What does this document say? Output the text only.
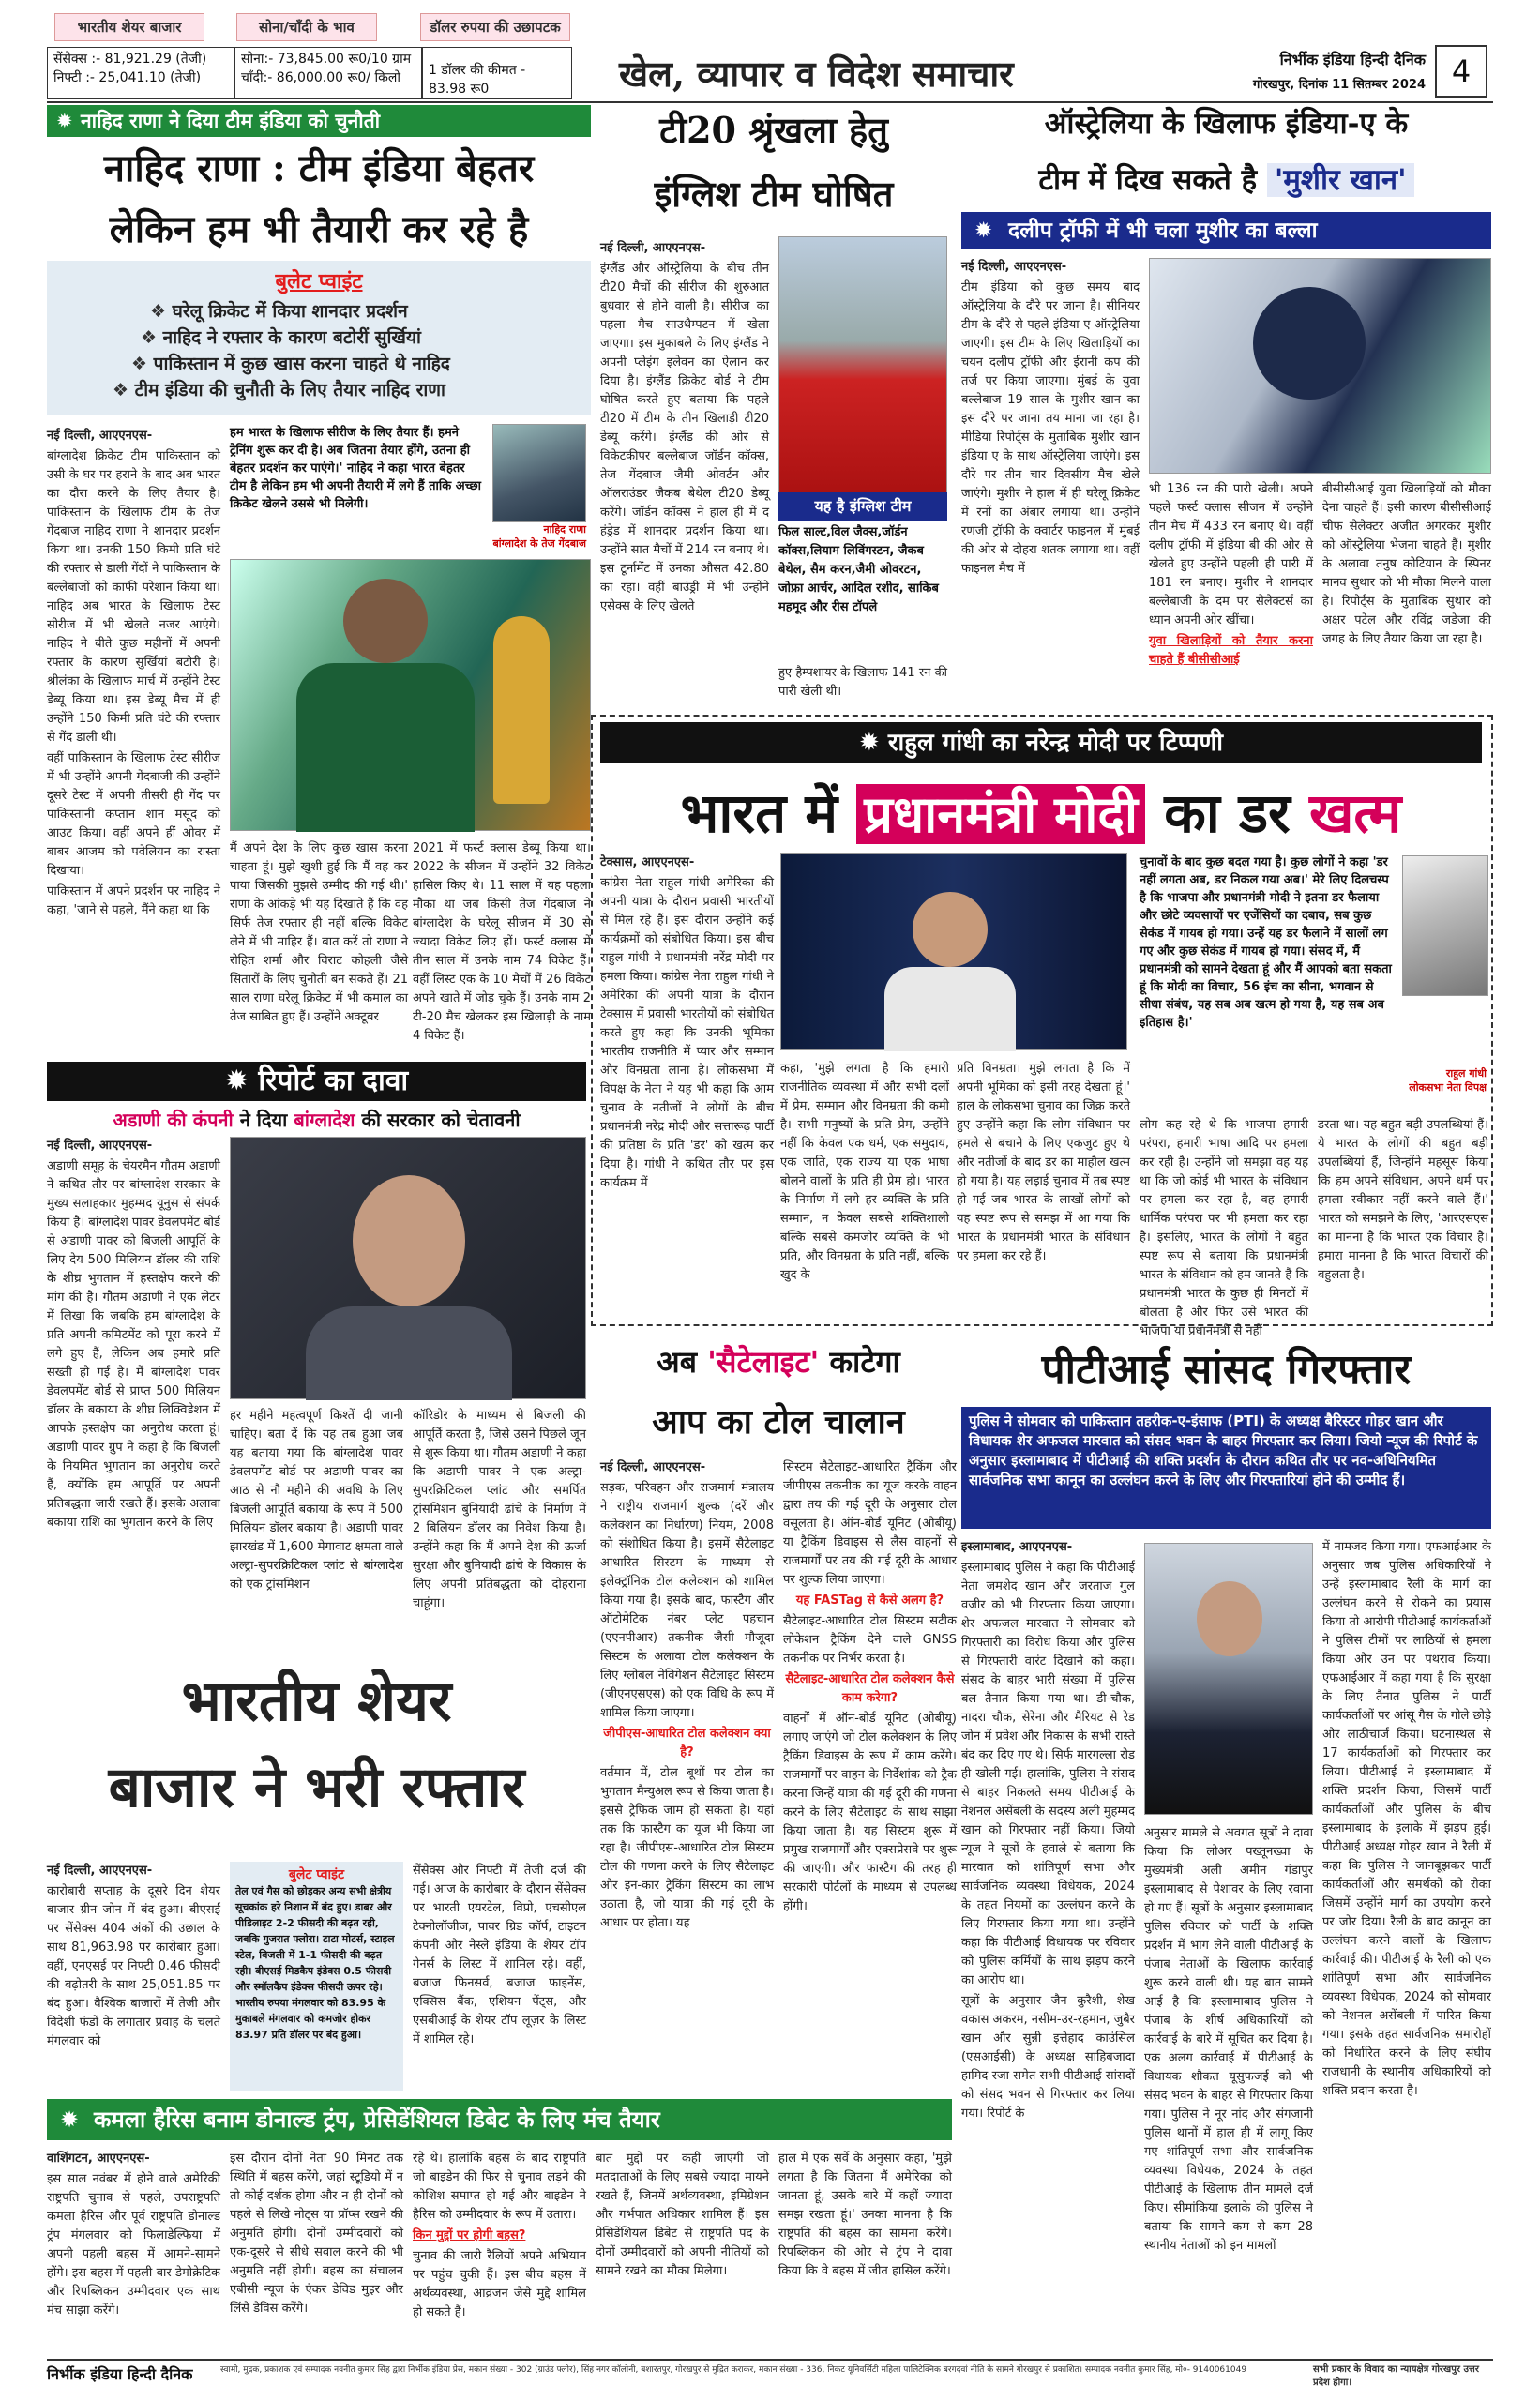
भारतीय शेयर बाजार	सोना/चाँदी के भाव	डॉलर रुपया की उछापटक
सेंसेक्स :- 81,921.29 (तेजी)
निफ्टी :- 25,041.10 (तेजी)
सोना:- 73,845.00 रू0/10 ग्राम
चाँदी:- 86,000.00 रू0/ किलो	1 डॉलर की कीमत - 83.98 रू0	खेल, व्यापार व विदेश समाचार	निर्भीक इंडिया हिन्दी दैनिक
गोरखपुर, दिनांक 11 सितम्बर 2024 4
✹ नाहिद राणा ने दिया टीम इंडिया को चुनौती
नाहिद राणा : टीम इंडिया बेहतर
लेकिन हम भी तैयारी कर रहे है
बुलेट प्वाइंट
❖ घरेलू क्रिकेट में किया शानदार प्रदर्शन
❖ नाहिद ने रफ्तार के कारण बटोरीं सुर्खियां
❖ पाकिस्तान में कुछ खास करना चाहते थे नाहिद
❖ टीम इंडिया की चुनौती के लिए तैयार नाहिद राणा

नई दिल्ली, आएएनएस-

बांग्लादेश क्रिकेट टीम पाकिस्तान को उसी के घर पर हराने के बाद अब भारत का दौरा करने के लिए तैयार है। पाकिस्तान के खिलाफ टीम के तेज गेंदबाज नाहिद राणा ने शानदार प्रदर्शन किया था। उनकी 150 किमी प्रति घंटे की रफ्तार से डाली गेंदों ने पाकिस्तान के बल्लेबाजों को काफी परेशान किया था। नाहिद अब भारत के खिलाफ टेस्ट सीरीज में भी खेलते नजर आएंगे। नाहिद ने बीते कुछ महीनों में अपनी रफ्तार के कारण सुर्खियां बटोरी है। श्रीलंका के खिलाफ मार्च में उन्होंने टेस्ट डेब्यू किया था। इस डेब्यू मैच में ही उन्होंने 150 किमी प्रति घंटे की रफ्तार से गेंद डाली थी।

वहीं पाकिस्तान के खिलाफ टेस्ट सीरीज में भी उन्होंने अपनी गेंदबाजी की उन्होंने दूसरे टेस्ट में अपनी तीसरी ही गेंद पर पाकिस्तानी कप्तान शान मसूद को आउट किया। वहीं अपने हीं ओवर में बाबर आजम को पवेलियन का रास्ता दिखाया।

पाकिस्तान में अपने प्रदर्शन पर नाहिद ने कहा, 'जाने से पहले, मैंने कहा था कि

हम भारत के खिलाफ सीरीज के लिए तैयार हैं। हमने ट्रेनिंग शुरू कर दी है। अब जितना तैयार होंगे, उतना ही बेहतर प्रदर्शन कर पाएंगे।' नाहिद ने कहा भारत बेहतर टीम है लेकिन हम भी अपनी तैयारी में लगे हैं ताकि अच्छा क्रिकेट खेलने उससे भी मिलेगी।
नाहिद राणा
बांग्लादेश के तेज गेंदबाज
मैं अपने देश के लिए कुछ खास करना चाहता हूं। मुझे खुशी हुई कि मैं वह कर पाया जिसकी मुझसे उम्मीद की गई थी।' राणा के आंकड़े भी यह दिखाते हैं कि वह सिर्फ तेज रफ्तार ही नहीं बल्कि विकेट लेने में भी माहिर हैं। बात करें तो राणा ने रोहित शर्मा और विराट कोहली जैसे सितारों के लिए चुनौती बन सकते हैं। 21 साल राणा घरेलू क्रिकेट में भी कमाल का तेज साबित हुए हैं। उन्होंने अक्टूबर
2021 में फर्स्ट क्लास डेब्यू किया था। 2022 के सीजन में उन्होंने 32 विकेट हासिल किए थे। 11 साल में यह पहला मौका था जब किसी तेज गेंदबाज ने बांग्लादेश के घरेलू सीजन में 30 से ज्यादा विकेट लिए हों। फर्स्ट क्लास में तीन साल में उनके नाम 74 विकेट हैं। वहीं लिस्ट एक के 10 मैचों में 26 विकेट अपने खाते में जोड़ चुके हैं। उनके नाम 2 टी-20 मैच खेलकर इस खिलाड़ी के नाम 4 विकेट हैं।
टी20 श्रृंखला हेतु
इंग्लिश टीम घोषित

नई दिल्ली, आएएनएस-

इंग्लैंड और ऑस्ट्रेलिया के बीच तीन टी20 मैचों की सीरीज की शुरुआत बुधवार से होने वाली है। सीरीज का पहला मैच साउथैम्पटन में खेला जाएगा। इस मुकाबले के लिए इंग्लैंड ने अपनी प्लेइंग इलेवन का ऐलान कर दिया है। इंग्लैंड क्रिकेट बोर्ड ने टीम घोषित करते हुए बताया कि पहले टी20 में टीम के तीन खिलाड़ी टी20 डेब्यू करेंगे। इंग्लैंड की ओर से विकेटकीपर बल्लेबाज जॉर्डन कॉक्स, तेज गेंदबाज जैमी ओवर्टन और ऑलराउंडर जैकब बेथेल टी20 डेब्यू करेंगे। जॉर्डन कॉक्स ने हाल ही में द हंड्रेड में शानदार प्रदर्शन किया था। उन्होंने सात मैचों में 214 रन बनाए थे। इस टूर्नामेंट में उनका औसत 42.80 का रहा। वहीं बाउंड्री में भी उन्होंने एसेक्स के लिए खेलते

यह है इंग्लिश टीम
फिल साल्ट,विल जैक्स,जॉर्डन कॉक्स,लियाम लिविंगस्टन, जैकब बेथेल, सैम करन,जैमी ओवरटन, जोफ्रा आर्चर, आदिल रशीद, साकिब महमूद और रीस टॉपले
हुए हैम्पशायर के खिलाफ 141 रन की पारी खेली थी।
ऑस्ट्रेलिया के खिलाफ इंडिया-ए के
टीम में दिख सकते है 'मुशीर खान'
✹ दलीप ट्रॉफी में भी चला मुशीर का बल्ला

नई दिल्ली, आएएनएस-

टीम इंडिया को कुछ समय बाद ऑस्ट्रेलिया के दौरे पर जाना है। सीनियर टीम के दौरे से पहले इंडिया ए ऑस्ट्रेलिया जाएगी। इस टीम के लिए खिलाड़ियों का चयन दलीप ट्रॉफी और ईरानी कप की तर्ज पर किया जाएगा। मुंबई के युवा बल्लेबाज 19 साल के मुशीर खान का इस दौरे पर जाना तय माना जा रहा है। मीडिया रिपोर्ट्स के मुताबिक मुशीर खान इंडिया ए के साथ ऑस्ट्रेलिया जाएंगे। इस दौरे पर तीन चार दिवसीय मैच खेले जाएंगे। मुशीर ने हाल में ही घरेलू क्रिकेट में रनों का अंबार लगाया था। उन्होंने रणजी ट्रॉफी के क्वार्टर फाइनल में मुंबई की ओर से दोहरा शतक लगाया था। वहीं फाइनल मैच में

भी 136 रन की पारी खेली। अपने पहले फर्स्ट क्लास सीजन में उन्होंने तीन मैच में 433 रन बनाए थे। वहीं दलीप ट्रॉफी में इंडिया बी की ओर से खेलते हुए उन्होंने पहली ही पारी में 181 रन बनाए। मुशीर ने शानदार बल्लेबाजी के दम पर सेलेक्टर्स का ध्यान अपनी ओर खींचा।

युवा खिलाड़ियों को तैयार करना चाहते हैं बीसीसीआई

बीसीसीआई युवा खिलाड़ियों को मौका देना चाहते हैं। इसी कारण बीसीसीआई चीफ सेलेक्टर अजीत अगरकर मुशीर को ऑस्ट्रेलिया भेजना चाहते हैं। मुशीर के अलावा तनुष कोटियान के स्पिनर मानव सुथार को भी मौका मिलने वाला है। रिपोर्ट्स के मुताबिक सुथार को अक्षर पटेल और रविंद्र जडेजा की जगह के लिए तैयार किया जा रहा है।
✹ राहुल गांधी का नरेन्द्र मोदी पर टिप्पणी
भारत में प्रधानमंत्री मोदी का डर खत्म

टेक्सास, आएएनएस-

कांग्रेस नेता राहुल गांधी अमेरिका की अपनी यात्रा के दौरान प्रवासी भारतीयों से मिल रहे हैं। इस दौरान उन्होंने कई कार्यक्रमों को संबोधित किया। इस बीच राहुल गांधी ने प्रधानमंत्री नरेंद्र मोदी पर हमला किया। कांग्रेस नेता राहुल गांधी ने अमेरिका की अपनी यात्रा के दौरान टेक्सास में प्रवासी भारतीयों को संबोधित करते हुए कहा कि उनकी भूमिका भारतीय राजनीति में प्यार और सम्मान और विनम्रता लाना है। लोकसभा में विपक्ष के नेता ने यह भी कहा कि आम चुनाव के नतीजों ने लोगों के बीच प्रधानमंत्री नरेंद्र मोदी और सत्तारूढ़ पार्टी की प्रतिष्ठा के प्रति 'डर' को खत्म कर दिया है। गांधी ने कथित तौर पर इस कार्यक्रम में

कहा, 'मुझे लगता है कि हमारी राजनीतिक व्यवस्था में और सभी दलों में प्रेम, सम्मान और विनम्रता की कमी है। सभी मनुष्यों के प्रति प्रेम, उन्होंने नहीं कि केवल एक धर्म, एक समुदाय, एक जाति, एक राज्य या एक भाषा बोलने वालों के प्रति ही प्रेम हो। भारत के निर्माण में लगे हर व्यक्ति के प्रति सम्मान, न केवल सबसे शक्तिशाली बल्कि सबसे कमजोर व्यक्ति के भी प्रति, और विनम्रता के प्रति नहीं, बल्कि खुद के
प्रति विनम्रता। मुझे लगता है कि में अपनी भूमिका को इसी तरह देखता हूं।' हाल के लोकसभा चुनाव का जिक्र करते हुए उन्होंने कहा कि लोग संविधान पर हमले से बचाने के लिए एकजुट हुए थे और नतीजों के बाद डर का माहौल खत्म हो गया है। यह लड़ाई चुनाव में तब स्पष्ट हो गई जब भारत के लाखों लोगों को यह स्पष्ट रूप से समझ में आ गया कि भारत के प्रधानमंत्री भारत के संविधान पर हमला कर रहे हैं।
चुनावों के बाद कुछ बदल गया है। कुछ लोगों ने कहा 'डर नहीं लगता अब, डर निकल गया अब।' मेरे लिए दिलचस्प है कि भाजपा और प्रधानमंत्री मोदी ने इतना डर फैलाया और छोटे व्यवसायों पर एजेंसियों का दबाव, सब कुछ सेकंड में गायब हो गया। उन्हें यह डर फैलाने में सालों लग गए और कुछ सेकंड में गायब हो गया। संसद में, मैं प्रधानमंत्री को सामने देखता हूं और मैं आपको बता सकता हूं कि मोदी का विचार, 56 इंच का सीना, भगवान से सीधा संबंध, यह सब अब खत्म हो गया है, यह सब अब इतिहास है।'
राहुल गांधी
लोकसभा नेता विपक्ष
लोग कह रहे थे कि भाजपा हमारी परंपरा, हमारी भाषा आदि पर हमला कर रही है। उन्होंने जो समझा वह यह था कि जो कोई भी भारत के संविधान पर हमला कर रहा है, वह हमारी धार्मिक परंपरा पर भी हमला कर रहा है। इसलिए, भारत के लोगों ने बहुत स्पष्ट रूप से बताया कि प्रधानमंत्री भारत के संविधान को हम जानते हैं कि प्रधानमंत्री भारत के कुछ ही मिनटों में बोलता है और फिर उसे भारत की भाजपा या प्रधानमंत्री से नहीं
डरता था। यह बहुत बड़ी उपलब्धियां हैं। ये भारत के लोगों की बहुत बड़ी उपलब्धियां हैं, जिन्होंने महसूस किया कि हम अपने संविधान, अपने धर्म पर हमला स्वीकार नहीं करने वाले हैं।' भारत को समझने के लिए, 'आरएसएस का मानना है कि भारत एक विचार है। हमारा मानना है कि भारत विचारों की बहुलता है।
✹ रिपोर्ट का दावा
अडाणी की कंपनी ने दिया बांग्लादेश की सरकार को चेतावनी

नई दिल्ली, आएएनएस-

अडाणी समूह के चेयरमैन गौतम अडाणी ने कथित तौर पर बांग्लादेश सरकार के मुख्य सलाहकार मुहम्मद यूनुस से संपर्क किया है। बांग्लादेश पावर डेवलपमेंट बोर्ड से अडाणी पावर को बिजली आपूर्ति के लिए देय 500 मिलियन डॉलर की राशि के शीघ्र भुगतान में हस्तक्षेप करने की मांग की है। गौतम अडाणी ने एक लेटर में लिखा कि जबकि हम बांग्लादेश के प्रति अपनी कमिटमेंट को पूरा करने में लगे हुए हैं, लेकिन अब हमारे प्रति सख्ती हो गई है। मैं बांग्लादेश पावर डेवलपमेंट बोर्ड से प्राप्त 500 मिलियन डॉलर के बकाया के शीघ्र लिक्विडेशन में आपके हस्तक्षेप का अनुरोध करता हूं। अडाणी पावर ग्रुप ने कहा है कि बिजली के नियमित भुगतान का अनुरोध करते हैं, क्योंकि हम आपूर्ति पर अपनी प्रतिबद्धता जारी रखते हैं। इसके अलावा बकाया राशि का भुगतान करने के लिए

हर महीने महत्वपूर्ण किश्तें दी जानी चाहिए। बता दें कि यह तब हुआ जब यह बताया गया कि बांग्लादेश पावर डेवलपमेंट बोर्ड पर अडाणी पावर का आठ से नौ महीने की अवधि के लिए बिजली आपूर्ति बकाया के रूप में 500 मिलियन डॉलर बकाया है। अडाणी पावर झारखंड में 1,600 मेगावाट क्षमता वाले अल्ट्रा-सुपरक्रिटिकल प्लांट से बांग्लादेश को एक ट्रांसमिशन
कॉरिडोर के माध्यम से बिजली की आपूर्ति करता है, जिसे उसने पिछले जून से शुरू किया था। गौतम अडाणी ने कहा कि अडाणी पावर ने एक अल्ट्रा-सुपरक्रिटिकल प्लांट और समर्पित ट्रांसमिशन बुनियादी ढांचे के निर्माण में 2 बिलियन डॉलर का निवेश किया है। उन्होंने कहा कि मैं अपने देश की ऊर्जा सुरक्षा और बुनियादी ढांचे के विकास के लिए अपनी प्रतिबद्धता को दोहराना चाहूंगा।
भारतीय शेयर
बाजार ने भरी रफ्तार

नई दिल्ली, आएएनएस-

कारोबारी सप्ताह के दूसरे दिन शेयर बाजार ग्रीन जोन में बंद हुआ। बीएसई पर सेंसेक्स 404 अंकों की उछाल के साथ 81,963.98 पर कारोबार हुआ। वहीं, एनएसई पर निफ्टी 0.46 फीसदी की बढ़ोतरी के साथ 25,051.85 पर बंद हुआ। वैश्विक बाजारों में तेजी और विदेशी फंडों के लगातार प्रवाह के चलते मंगलवार को

बुलेट प्वाइंट
तेल एवं गैस को छोड़कर अन्य सभी क्षेत्रीय सूचकांक हरे निशान में बंद हुए। डाबर और पीडिलाइट 2-2 फीसदी की बढ़त रही, जबकि गुजरात फ्लोरा। टाटा मोटर्स, स्टाइल स्टेल, बिजली में 1-1 फीसदी की बढ़त रही। बीएसई मिडकैप इंडेक्स 0.5 फीसदी और स्मॉलकैप इंडेक्स फीसदी ऊपर रहे। भारतीय रुपया मंगलवार को 83.95 के मुकाबले मंगलवार को कमजोर होकर 83.97 प्रति डॉलर पर बंद हुआ।
सेंसेक्स और निफ्टी में तेजी दर्ज की गई। आज के कारोबार के दौरान सेंसेक्स पर भारती एयरटेल, विप्रो, एचसीएल टेक्नोलॉजीज, पावर ग्रिड कॉर्प, टाइटन कंपनी और नेस्ले इंडिया के शेयर टॉप गेनर्स के लिस्ट में शामिल रहे। वहीं, बजाज फिनसर्व, बजाज फाइनेंस, एक्सिस बैंक, एशियन पेंट्स, और एसबीआई के शेयर टॉप लूज़र के लिस्ट में शामिल रहे।
अब 'सैटेलाइट' काटेगा
आप का टोल चालान

नई दिल्ली, आएएनएस-

सड़क, परिवहन और राजमार्ग मंत्रालय ने राष्ट्रीय राजमार्ग शुल्क (दरें और कलेक्शन का निर्धारण) नियम, 2008 को संशोधित किया है। इसमें सैटेलाइट आधारित सिस्टम के माध्यम से इलेक्ट्रॉनिक टोल कलेक्शन को शामिल किया गया है। इसके बाद, फास्टैग और ऑटोमेटिक नंबर प्लेट पहचान (एएनपीआर) तकनीक जैसी मौजूदा सिस्टम के अलावा टोल कलेक्शन के लिए ग्लोबल नेविगेशन सैटेलाइट सिस्टम (जीएनएसएस) को एक विधि के रूप में शामिल किया जाएगा।

जीपीएस-आधारित टोल कलेक्शन क्या है?

वर्तमान में, टोल बूथों पर टोल का भुगतान मैन्युअल रूप से किया जाता है। इससे ट्रैफिक जाम हो सकता है। यहां तक कि फास्टैग का यूज भी किया जा रहा है। जीपीएस-आधारित टोल सिस्टम टोल की गणना करने के लिए सैटेलाइट और इन-कार ट्रैकिंग सिस्टम का लाभ उठाता है, जो यात्रा की गई दूरी के आधार पर होता। यह

सिस्टम सैटेलाइट-आधारित ट्रैकिंग और जीपीएस तकनीक का यूज करके वाहन द्वारा तय की गई दूरी के अनुसार टोल वसूलता है। ऑन-बोर्ड यूनिट (ओबीयू) या ट्रैकिंग डिवाइस से लैस वाहनों से राजमार्गों पर तय की गई दूरी के आधार पर शुल्क लिया जाएगा।

यह FASTag से कैसे अलग है?

सैटेलाइट-आधारित टोल सिस्टम सटीक लोकेशन ट्रैकिंग देने वाले GNSS तकनीक पर निर्भर करता है।

सैटेलाइट-आधारित टोल कलेक्शन कैसे काम करेगा?

वाहनों में ऑन-बोर्ड यूनिट (ओबीयू) लगाए जाएंगे जो टोल कलेक्शन के लिए ट्रैकिंग डिवाइस के रूप में काम करेंगे। राजमार्गों पर वाहन के निर्देशांक को ट्रैक करना जिन्हें यात्रा की गई दूरी की गणना करने के लिए सैटेलाइट के साथ साझा किया जाता है। यह सिस्टम शुरू में प्रमुख राजमार्गों और एक्सप्रेसवे पर शुरू की जाएगी। और फास्टैग की तरह ही सरकारी पोर्टलों के माध्यम से उपलब्ध होंगी।

पीटीआई सांसद गिरफ्तार
पुलिस ने सोमवार को पाकिस्तान तहरीक-ए-इंसाफ (PTI) के अध्यक्ष बैरिस्टर गोहर खान और विधायक शेर अफजल मारवात को संसद भवन के बाहर गिरफ्तार कर लिया। जियो न्यूज की रिपोर्ट के अनुसार इस्लामाबाद में पीटीआई की शक्ति प्रदर्शन के दौरान कथित तौर पर नव-अधिनियमित सार्वजनिक सभा कानून का उल्लंघन करने के लिए और गिरफ्तारियां होने की उम्मीद हैं।

इस्लामाबाद, आएएनएस-

इस्लामाबाद पुलिस ने कहा कि पीटीआई नेता जमशेद खान और जरताज गुल वजीर को भी गिरफ्तार किया जाएगा। शेर अफजल मारवात ने सोमवार को गिरफ्तारी का विरोध किया और पुलिस से गिरफ्तारी वारंट दिखाने को कहा। संसद के बाहर भारी संख्या में पुलिस बल तैनात किया गया था। डी-चौक, नादरा चौक, सेरेना और मैरियट से रेड जोन में प्रवेश और निकास के सभी रास्ते बंद कर दिए गए थे। सिर्फ मारगल्ला रोड ही खोली गई। हालांकि, पुलिस ने संसद से बाहर निकलते समय पीटीआई के नेशनल असेंबली के सदस्य अली मुहम्मद खान को गिरफ्तार नहीं किया। जियो न्यूज ने सूत्रों के हवाले से बताया कि मारवात को शांतिपूर्ण सभा और सार्वजनिक व्यवस्था विधेयक, 2024 के तहत नियमों का उल्लंघन करने के लिए गिरफ्तार किया गया था। उन्होंने कहा कि पीटीआई विधायक पर रविवार को पुलिस कर्मियों के साथ झड़प करने का आरोप था।

सूत्रों के अनुसार जैन कुरैशी, शेख वकास अकरम, नसीम-उर-रहमान, जुबैर खान और सुन्नी इत्तेहाद काउंसिल (एसआईसी) के अध्यक्ष साहिबजादा हामिद रजा समेत सभी पीटीआई सांसदों को संसद भवन से गिरफ्तार कर लिया गया। रिपोर्ट के

अनुसार मामले से अवगत सूत्रों ने दावा किया कि लोअर पख्तूनख्वा के मुख्यमंत्री अली अमीन गंडापुर इस्लामाबाद से पेशावर के लिए रवाना हो गए हैं। सूत्रों के अनुसार इस्लामाबाद पुलिस रविवार को पार्टी के शक्ति प्रदर्शन में भाग लेने वाली पीटीआई के पंजाब नेताओं के खिलाफ कार्रवाई शुरू करने वाली थी। यह बात सामने आई है कि इस्लामाबाद पुलिस ने पंजाब के शीर्ष अधिकारियों को कार्रवाई के बारे में सूचित कर दिया है। एक अलग कार्रवाई में पीटीआई के विधायक शौकत यूसुफजई को भी संसद भवन के बाहर से गिरफ्तार किया गया। पुलिस ने नूर नांद और संगजानी पुलिस थानों में हाल ही में लागू किए गए शांतिपूर्ण सभा और सार्वजनिक व्यवस्था विधेयक, 2024 के तहत पीटीआई के खिलाफ तीन मामले दर्ज किए। सीमांकिया इलाके की पुलिस ने बताया कि सामने कम से कम 28 स्थानीय नेताओं को इन मामलों
में नामजद किया गया। एफआईआर के अनुसार जब पुलिस अधिकारियों ने उन्हें इस्लामाबाद रैली के मार्ग का उल्लंघन करने से रोकने का प्रयास किया तो आरोपी पीटीआई कार्यकर्ताओं ने पुलिस टीमों पर लाठियों से हमला किया और उन पर पथराव किया। एफआईआर में कहा गया है कि सुरक्षा के लिए तैनात पुलिस ने पार्टी कार्यकर्ताओं पर आंसू गैस के गोले छोड़े और लाठीचार्ज किया। घटनास्थल से 17 कार्यकर्ताओं को गिरफ्तार कर लिया। पीटीआई ने इस्लामाबाद में शक्ति प्रदर्शन किया, जिसमें पार्टी कार्यकर्ताओं और पुलिस के बीच इस्लामाबाद के इलाके में झड़प हुई। पीटीआई अध्यक्ष गोहर खान ने रैली में कहा कि पुलिस ने जानबूझकर पार्टी कार्यकर्ताओं और समर्थकों को रोका जिसमें उन्होंने मार्ग का उपयोग करने पर जोर दिया। रैली के बाद कानून का उल्लंघन करने वालों के खिलाफ कार्रवाई की। पीटीआई के रैली को एक शांतिपूर्ण सभा और सार्वजनिक व्यवस्था विधेयक, 2024 को सोमवार को नेशनल असेंबली में पारित किया गया। इसके तहत सार्वजनिक समारोहों को निर्धारित करने के लिए संघीय राजधानी के स्थानीय अधिकारियों को शक्ति प्रदान करता है।
✹ कमला हैरिस बनाम डोनाल्ड ट्रंप, प्रेसिडेंशियल डिबेट के लिए मंच तैयार

वाशिंगटन, आएएनएस-

इस साल नवंबर में होने वाले अमेरिकी राष्ट्रपति चुनाव से पहले, उपराष्ट्रपति कमला हैरिस और पूर्व राष्ट्रपति डोनाल्ड ट्रंप मंगलवार को फिलाडेल्फिया में अपनी पहली बहस में आमने-सामने होंगे। इस बहस में पहली बार डेमोक्रेटिक और रिपब्लिकन उम्मीदवार एक साथ मंच साझा करेंगे।

इस दौरान दोनों नेता 90 मिनट तक स्थिति में बहस करेंगे, जहां स्टूडियो में न तो कोई दर्शक होगा और न ही दोनों को पहले से लिखे नोट्स या प्रॉप्स रखने की अनुमति होगी। दोनों उम्मीदवारों को एक-दूसरे से सीधे सवाल करने की भी अनुमति नहीं होगी। बहस का संचालन एबीसी न्यूज के एंकर डेविड मुइर और लिंसे डेविस करेंगे।

रहे थे। हालांकि बहस के बाद राष्ट्रपति जो बाइडेन की फिर से चुनाव लड़ने की कोशिश समाप्त हो गई और बाइडेन ने हैरिस को उम्मीदवार के रूप में उतारा।

किन मुद्दों पर होगी बहस?

चुनाव की जारी रैलियों अपने अभियान पर पहुंच चुकी हैं। इस बीच बहस में अर्थव्यवस्था, आव्रजन जैसे मुद्दे शामिल हो सकते हैं।

बात मुद्दों पर कही जाएगी जो मतदाताओं के लिए सबसे ज्यादा मायने रखते हैं, जिनमें अर्थव्यवस्था, इमिग्रेशन और गर्भपात अधिकार शामिल हैं। इस प्रेसिडेंशियल डिबेट से राष्ट्रपति पद के दोनों उम्मीदवारों को अपनी नीतियों को सामने रखने का मौका मिलेगा।
हाल में एक सर्वे के अनुसार कहा, 'मुझे लगता है कि जितना मैं अमेरिका को जानता हूं, उसके बारे में कहीं ज्यादा समझ रखता हूं।' उनका मानना है कि राष्ट्रपति की बहस का सामना करेंगे। रिपब्लिकन की ओर से ट्रंप ने दावा किया कि वे बहस में जीत हासिल करेंगे।
निर्भीक इंडिया हिन्दी दैनिक	स्वामी, मुद्रक, प्रकाशक एवं सम्पादक नवनीत कुमार सिंह द्वारा निर्भीक इंडिया प्रेस, मकान संख्या - 302 (ग्राउंड फ्लोर), सिंह नगर कॉलोनी, बशारतपुर, गोरखपुर से मुद्रित कराकर, मकान संख्या - 336, निकट यूनिवर्सिटी महिला पालिटेक्निक बरगदवां नीति के सामने गोरखपुर से प्रकाशित। सम्पादक नवनीत कुमार सिंह, मो०- 9140061049	सभी प्रकार के विवाद का न्यायक्षेत्र गोरखपुर उत्तर प्रदेश होगा।
